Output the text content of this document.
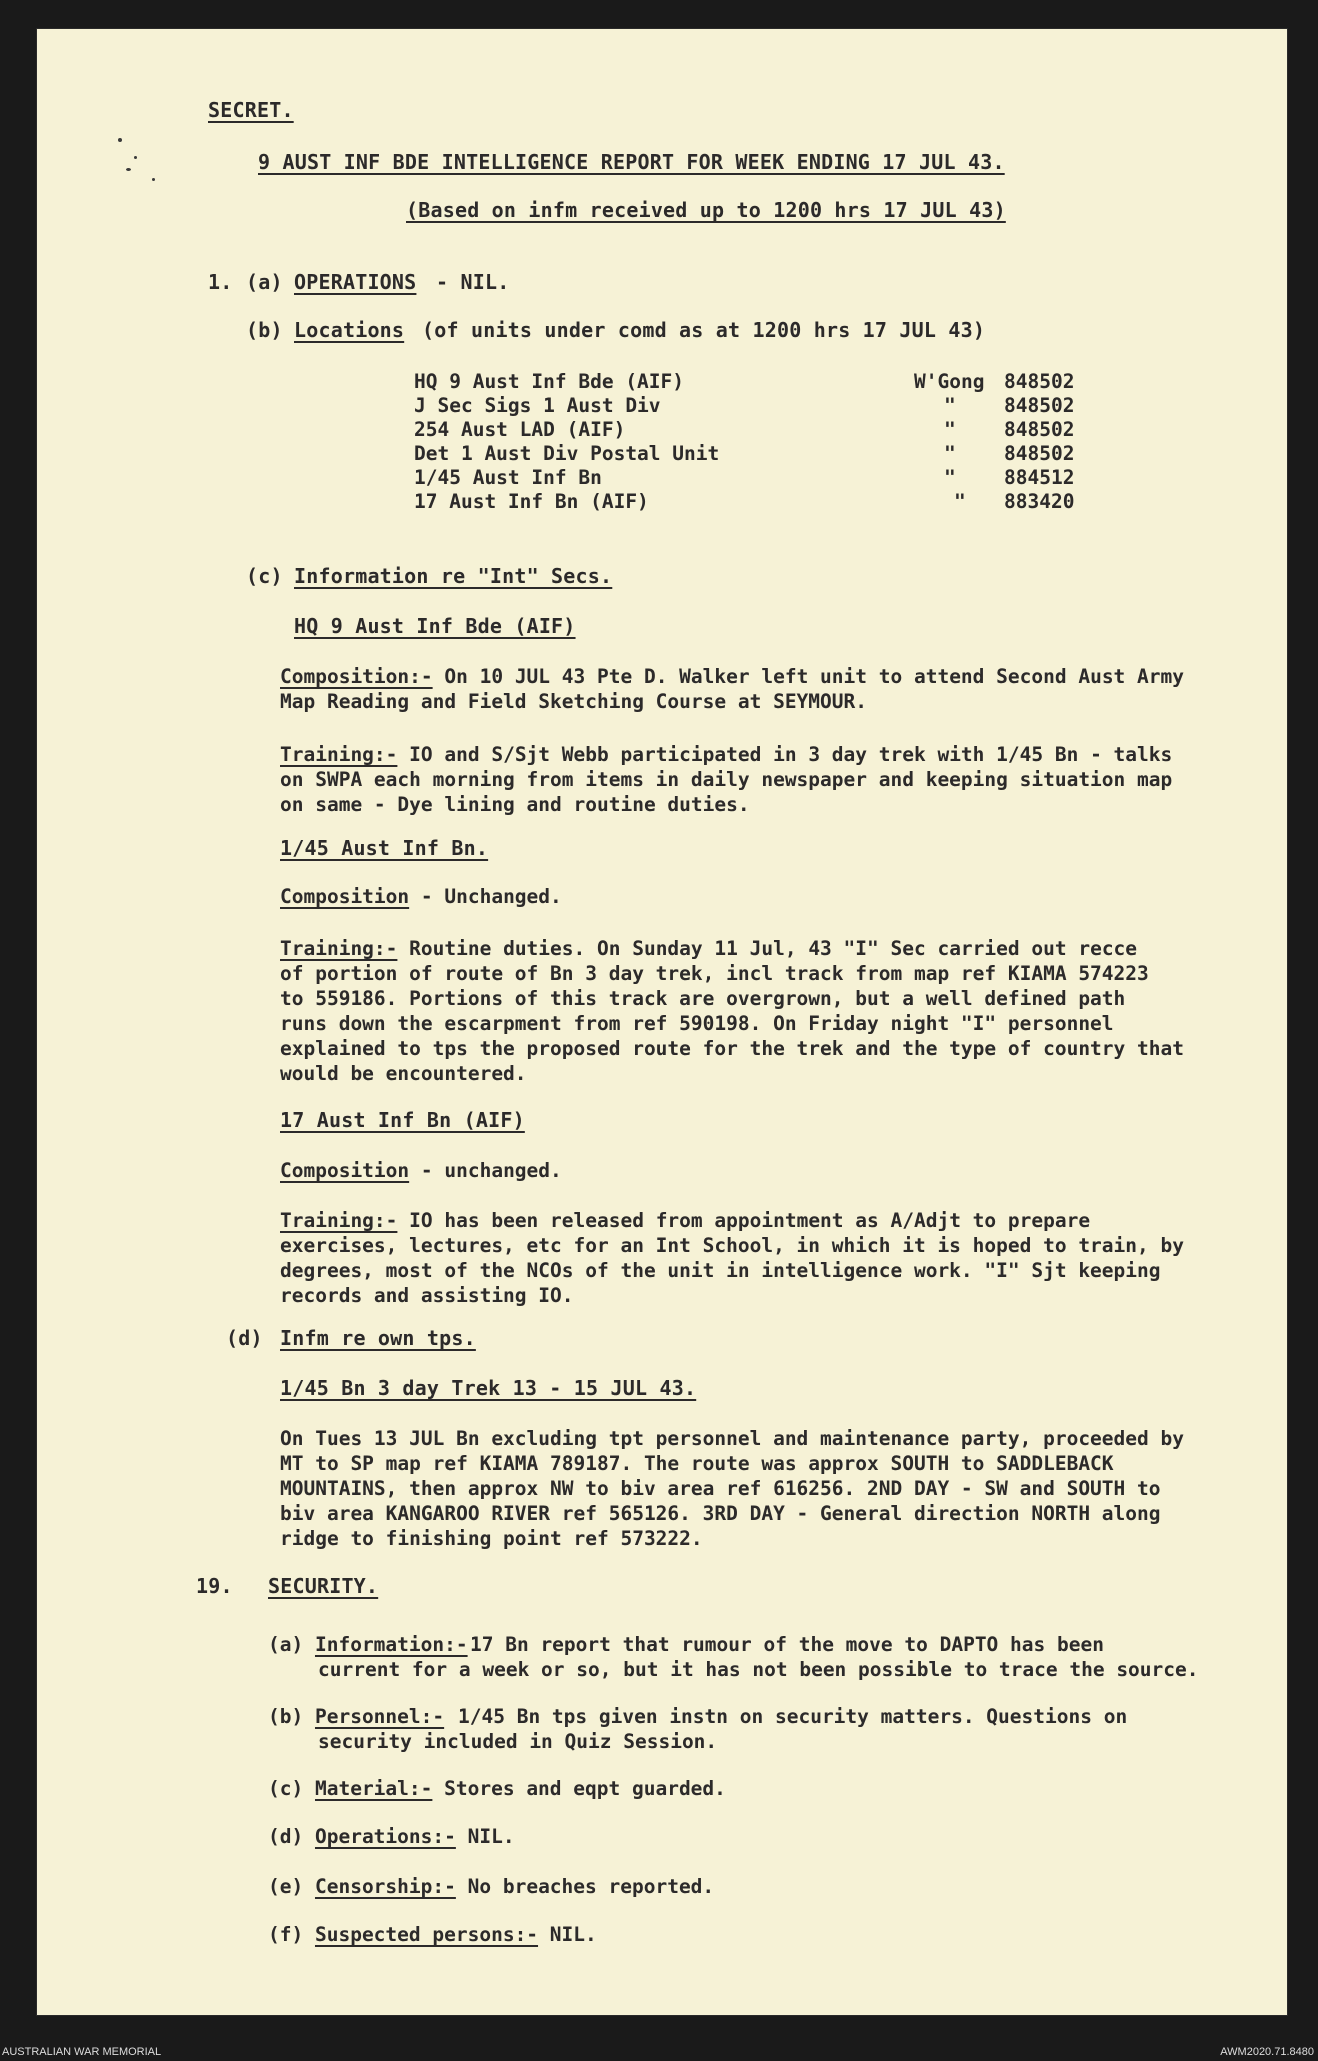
SECRET.
9 AUST INF BDE INTELLIGENCE REPORT FOR WEEK ENDING 17 JUL 43.
(Based on infm received up to 1200 hrs 17 JUL 43)
1. (a) OPERATIONS - NIL.
(b) Locations (of units under comd as at 1200 hrs 17 JUL 43)
HQ 9 Aust Inf Bde (AIF)	W'Gong 848502
J Sec Sigs 1 Aust Div	" 848502
254 Aust LAD (AIF)	" 848502
Det 1 Aust Div Postal Unit	" 848502
1/45 Aust Inf Bn	" 884512
17 Aust Inf Bn (AIF)	" 883420
(c) Information re "Int" Secs.
HQ 9 Aust Inf Bde (AIF)
Composition:- On 10 JUL 43 Pte D. Walker left unit to attend Second Aust Army
Map Reading and Field Sketching Course at SEYMOUR.
Training:- IO and S/Sjt Webb participated in 3 day trek with 1/45 Bn - talks
on SWPA each morning from items in daily newspaper and keeping situation map
on same - Dye lining and routine duties.
1/45 Aust Inf Bn.
Composition - Unchanged.
Training:- Routine duties. On Sunday 11 Jul, 43 "I" Sec carried out recce
of portion of route of Bn 3 day trek, incl track from map ref KIAMA 574223
to 559186. Portions of this track are overgrown, but a well defined path
runs down the escarpment from ref 590198. On Friday night "I" personnel
explained to tps the proposed route for the trek and the type of country that
would be encountered.
17 Aust Inf Bn (AIF)
Composition - unchanged.
Training:- IO has been released from appointment as A/Adjt to prepare
exercises, lectures, etc for an Int School, in which it is hoped to train, by
degrees, most of the NCOs of the unit in intelligence work. "I" Sjt keeping
records and assisting IO.
(d) Infm re own tps.
1/45 Bn 3 day Trek 13 - 15 JUL 43.
On Tues 13 JUL Bn excluding tpt personnel and maintenance party, proceeded by
MT to SP map ref KIAMA 789187. The route was approx SOUTH to SADDLEBACK
MOUNTAINS, then approx NW to biv area ref 616256. 2ND DAY - SW and SOUTH to
biv area KANGAROO RIVER ref 565126. 3RD DAY - General direction NORTH along
ridge to finishing point ref 573222.
19. SECURITY.
(a) Information:- 17 Bn report that rumour of the move to DAPTO has been
current for a week or so, but it has not been possible to trace the source.
(b) Personnel:- 1/45 Bn tps given instn on security matters. Questions on
security included in Quiz Session.
(c) Material:- Stores and eqpt guarded.
(d) Operations:- NIL.
(e) Censorship:- No breaches reported.
(f) Suspected persons:- NIL.
AUSTRALIAN WAR MEMORIAL	AWM2020.71.8480
